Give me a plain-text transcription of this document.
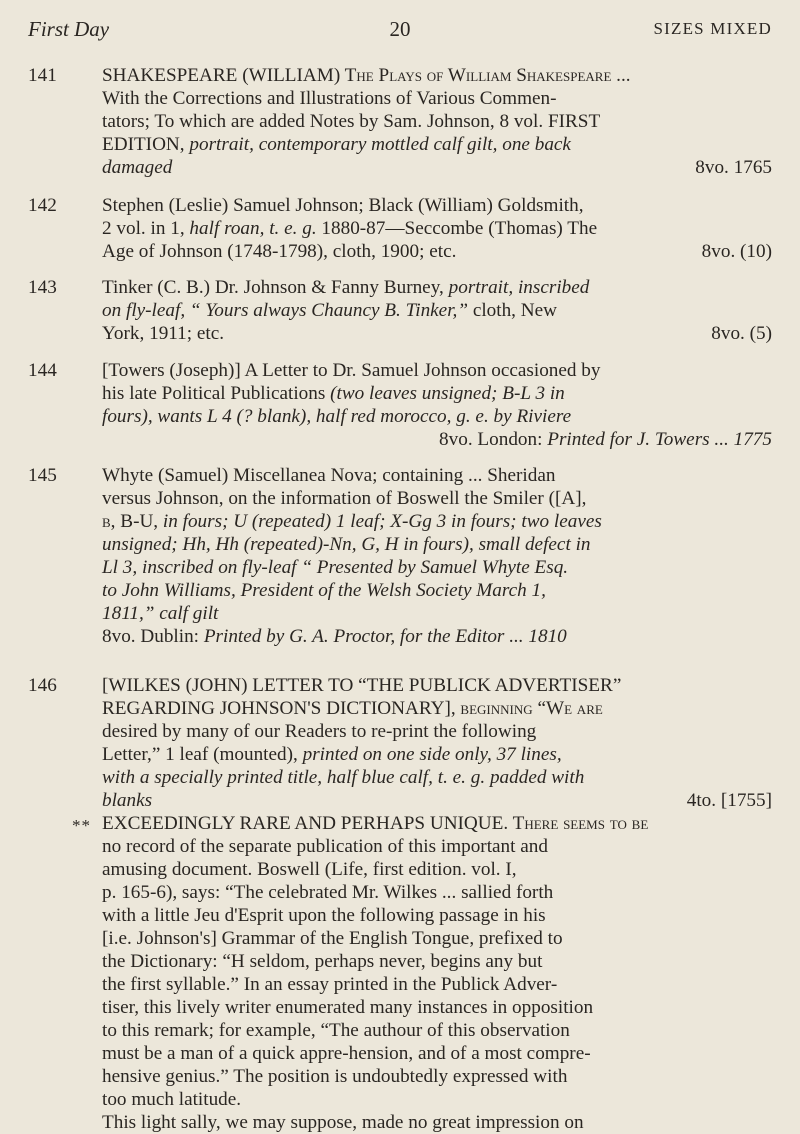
First Day	20	SIZES MIXED
141	SHAKESPEARE (WILLIAM) The Plays of William Shakespeare ...
With the Corrections and Illustrations of Various Commen-
tators; To which are added Notes by Sam. Johnson, 8 vol. FIRST
EDITION, portrait, contemporary mottled calf gilt, one back
damaged	8vo. 1765
142	Stephen (Leslie) Samuel Johnson; Black (William) Goldsmith,
2 vol. in 1, half roan, t. e. g. 1880-87—Seccombe (Thomas) The
Age of Johnson (1748-1798), cloth, 1900; etc.	8vo. (10)
143	Tinker (C. B.) Dr. Johnson & Fanny Burney, portrait, inscribed
on fly-leaf, “ Yours always Chauncy B. Tinker,” cloth, New
York, 1911; etc.	8vo. (5)
144	[Towers (Joseph)] A Letter to Dr. Samuel Johnson occasioned by
his late Political Publications (two leaves unsigned; B-L 3 in
fours), wants L 4 (? blank), half red morocco, g. e. by Riviere
8vo. London: Printed for J. Towers ... 1775
145	Whyte (Samuel) Miscellanea Nova; containing ... Sheridan
versus Johnson, on the information of Boswell the Smiler ([A],
b, B-U, in fours; U (repeated) 1 leaf; X-Gg 3 in fours; two leaves
unsigned; Hh, Hh (repeated)-Nn, G, H in fours), small defect in
Ll 3, inscribed on fly-leaf “ Presented by Samuel Whyte Esq.
to John Williams, President of the Welsh Society March 1,
1811,” calf gilt
8vo. Dublin: Printed by G. A. Proctor, for the Editor ... 1810
146	[WILKES (JOHN) LETTER TO “THE PUBLICK ADVERTISER”
REGARDING JOHNSON'S DICTIONARY], beginning “We are
desired by many of our Readers to re-print the following
Letter,” 1 leaf (mounted), printed on one side only, 37 lines,
with a specially printed title, half blue calf, t. e. g. padded with
blanks	4to. [1755]
** EXCEEDINGLY RARE AND PERHAPS UNIQUE. There seems to be
no record of the separate publication of this important and
amusing document. Boswell (Life, first edition. vol. I,
p. 165-6), says: “The celebrated Mr. Wilkes ... sallied forth
with a little Jeu d'Esprit upon the following passage in his
[i.e. Johnson's] Grammar of the English Tongue, prefixed to
the Dictionary: “H seldom, perhaps never, begins any but
the first syllable.” In an essay printed in the Publick Adver-
tiser, this lively writer enumerated many instances in opposition
to this remark; for example, “The authour of this observation
must be a man of a quick appre-hension, and of a most compre-
hensive genius.” The position is undoubtedly expressed with
too much latitude.
This light sally, we may suppose, made no great impression on
